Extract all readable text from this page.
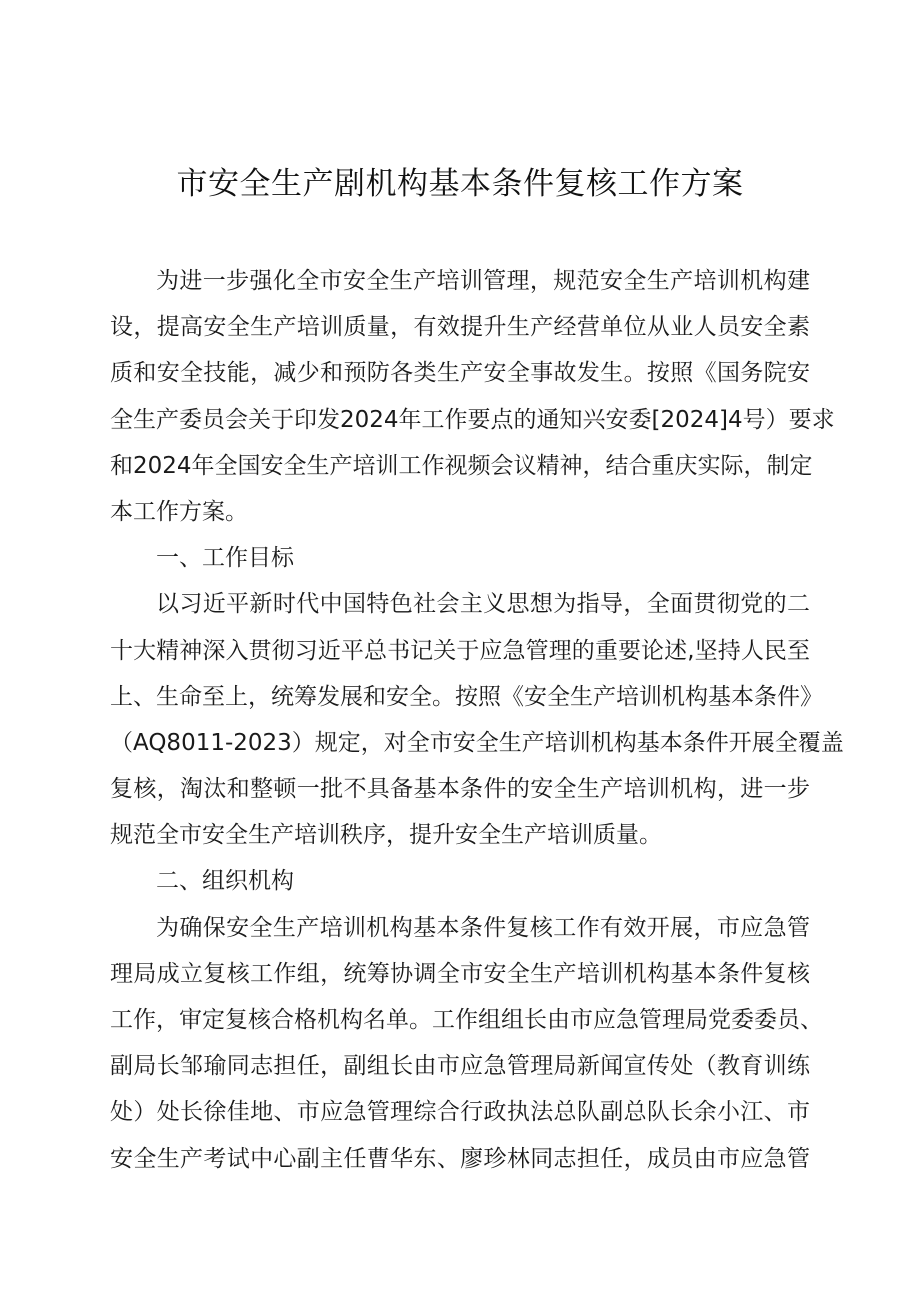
市安全生产剧机构基本条件复核工作方案
为进一步强化全市安全生产培训管理，规范安全生产培训机构建
设，提高安全生产培训质量，有效提升生产经营单位从业人员安全素
质和安全技能，减少和预防各类生产安全事故发生。按照《国务院安
全生产委员会关于印发2024年工作要点的通知兴安委[2024]4号）要求
和2024年全国安全生产培训工作视频会议精神，结合重庆实际，制定
本工作方案。
一、工作目标
以习近平新时代中国特色社会主义思想为指导，全面贯彻党的二
十大精神深入贯彻习近平总书记关于应急管理的重要论述,坚持人民至
上、生命至上，统筹发展和安全。按照《安全生产培训机构基本条件》
（AQ8011-2023）规定，对全市安全生产培训机构基本条件开展全覆盖
复核，淘汰和整顿一批不具备基本条件的安全生产培训机构，进一步
规范全市安全生产培训秩序，提升安全生产培训质量。
二、组织机构
为确保安全生产培训机构基本条件复核工作有效开展，市应急管
理局成立复核工作组，统筹协调全市安全生产培训机构基本条件复核
工作，审定复核合格机构名单。工作组组长由市应急管理局党委委员、
副局长邹瑜同志担任，副组长由市应急管理局新闻宣传处（教育训练
处）处长徐佳地、市应急管理综合行政执法总队副总队长余小江、市
安全生产考试中心副主任曹华东、廖珍林同志担任，成员由市应急管
